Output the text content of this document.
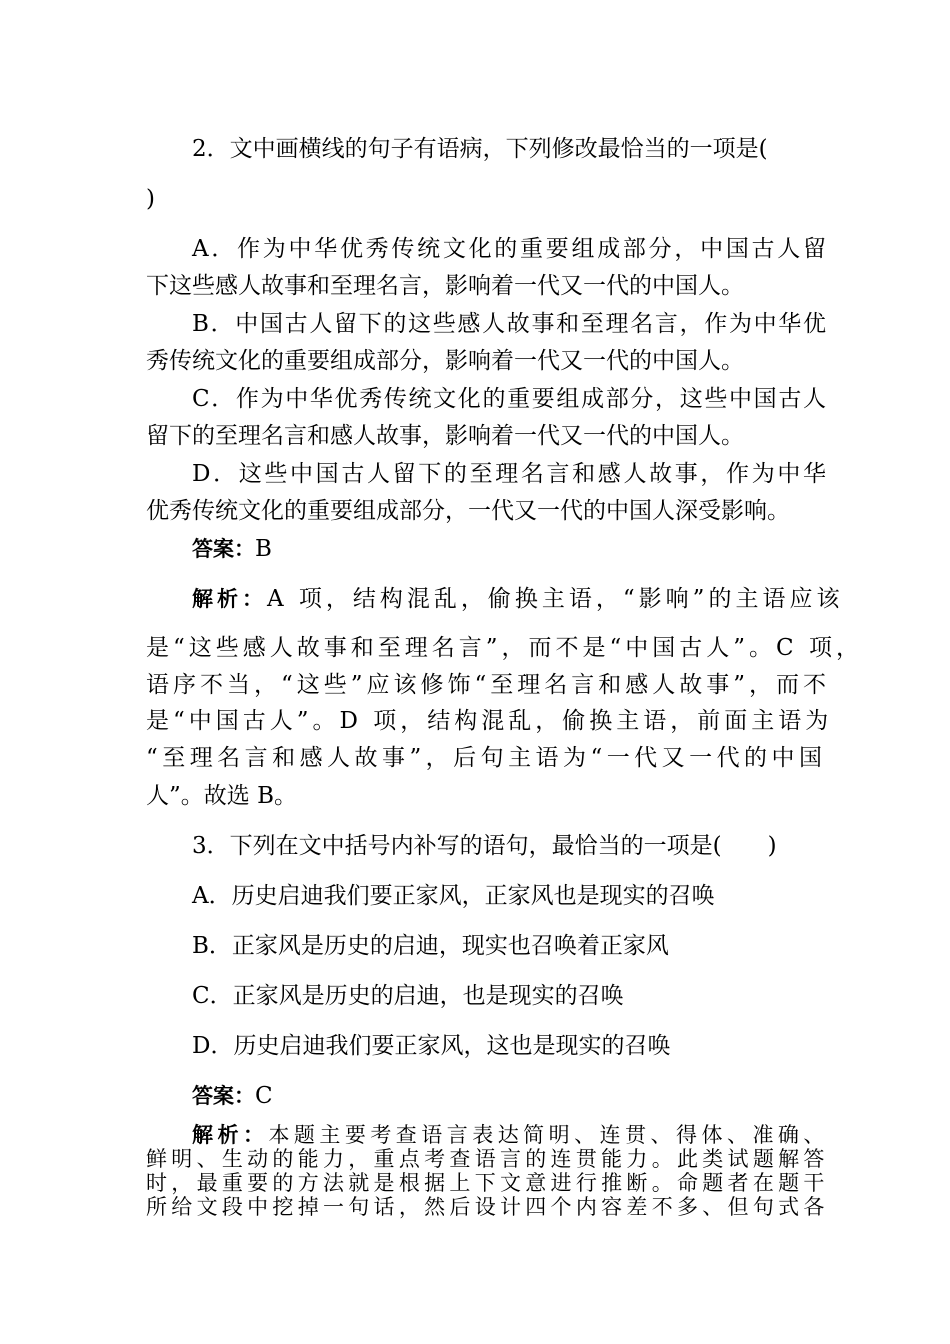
2．文中画横线的句子有语病，下列修改最恰当的一项是(
)
A．作为中华优秀传统文化的重要组成部分，中国古人留
下这些感人故事和至理名言，影响着一代又一代的中国人。
B．中国古人留下的这些感人故事和至理名言，作为中华优
秀传统文化的重要组成部分，影响着一代又一代的中国人。
C．作为中华优秀传统文化的重要组成部分，这些中国古人
留下的至理名言和感人故事，影响着一代又一代的中国人。
D．这些中国古人留下的至理名言和感人故事，作为中华
优秀传统文化的重要组成部分，一代又一代的中国人深受影响。
答案：B
解析：A 项，结构混乱，偷换主语，“影响”的主语应该
是“这些感人故事和至理名言”，而不是“中国古人”。C 项，
语序不当，“这些”应该修饰“至理名言和感人故事”，而不
是“中国古人”。D 项，结构混乱，偷换主语，前面主语为
“至理名言和感人故事”，后句主语为“一代又一代的中国
人”。故选 B。
3．下列在文中括号内补写的语句，最恰当的一项是(　　)
A．历史启迪我们要正家风，正家风也是现实的召唤
B．正家风是历史的启迪，现实也召唤着正家风
C．正家风是历史的启迪，也是现实的召唤
D．历史启迪我们要正家风，这也是现实的召唤
答案：C
解析：本题主要考查语言表达简明、连贯、得体、准确、
鲜明、生动的能力，重点考查语言的连贯能力。此类试题解答
时，最重要的方法就是根据上下文意进行推断。命题者在题干
所给文段中挖掉一句话，然后设计四个内容差不多、但句式各
